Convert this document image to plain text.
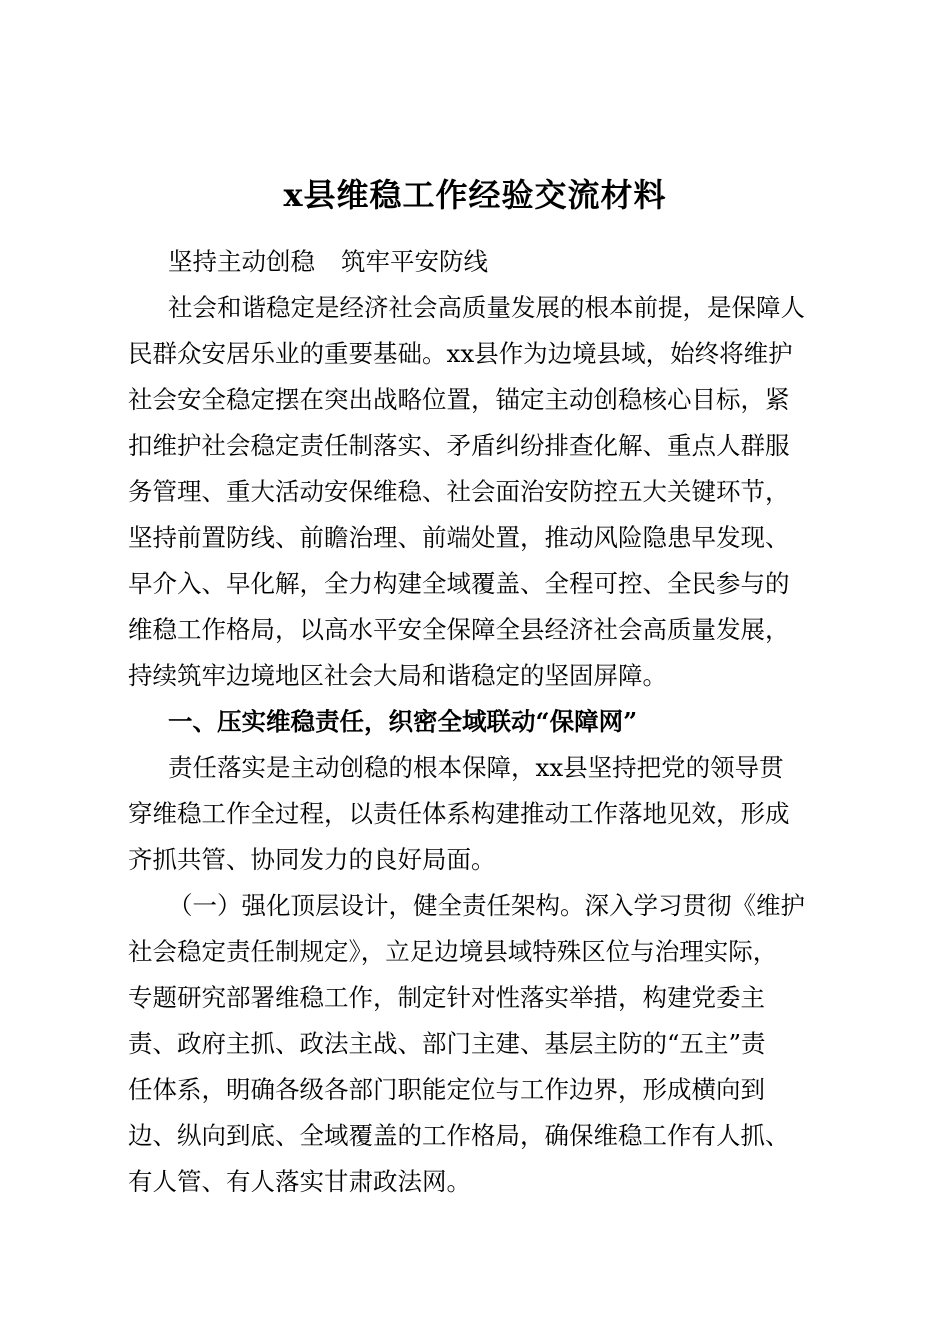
x县维稳工作经验交流材料
坚持主动创稳 筑牢平安防线
社会和谐稳定是经济社会高质量发展的根本前提，是保障人
民群众安居乐业的重要基础。xx县作为边境县域，始终将维护
社会安全稳定摆在突出战略位置，锚定主动创稳核心目标，紧
扣维护社会稳定责任制落实、矛盾纠纷排查化解、重点人群服
务管理、重大活动安保维稳、社会面治安防控五大关键环节，
坚持前置防线、前瞻治理、前端处置，推动风险隐患早发现、
早介入、早化解，全力构建全域覆盖、全程可控、全民参与的
维稳工作格局，以高水平安全保障全县经济社会高质量发展，
持续筑牢边境地区社会大局和谐稳定的坚固屏障。
一、压实维稳责任，织密全域联动“保障网”
责任落实是主动创稳的根本保障，xx县坚持把党的领导贯
穿维稳工作全过程，以责任体系构建推动工作落地见效，形成
齐抓共管、协同发力的良好局面。
（一）强化顶层设计，健全责任架构。深入学习贯彻《维护
社会稳定责任制规定》，立足边境县域特殊区位与治理实际，
专题研究部署维稳工作，制定针对性落实举措，构建党委主
责、政府主抓、政法主战、部门主建、基层主防的“五主”责
任体系，明确各级各部门职能定位与工作边界，形成横向到
边、纵向到底、全域覆盖的工作格局，确保维稳工作有人抓、
有人管、有人落实甘肃政法网。
